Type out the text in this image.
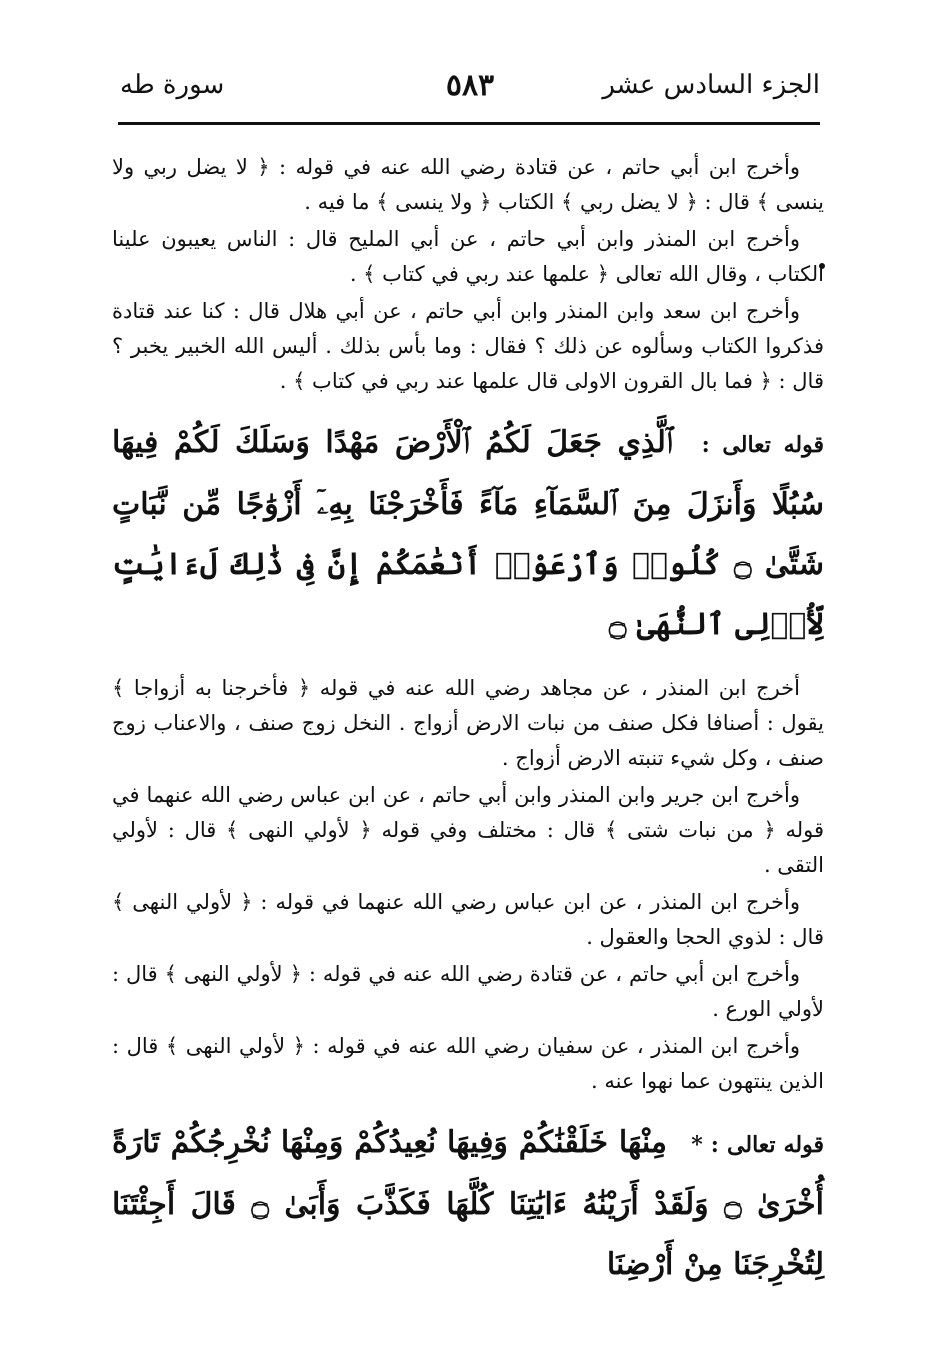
الجزء السادس عشر
٥٨٣
سورة طه

وأخرج ابن أبي حاتم ، عن قتادة رضي الله عنه في قوله : ﴿ لا يضل ربي ولا ينسى ﴾ قال : ﴿ لا يضل ربي ﴾ الكتاب ﴿ ولا ينسى ﴾ ما فيه .

وأخرج ابن المنذر وابن أبي حاتم ، عن أبي المليح قال : الناس يعيبون علينا الكتاب ، وقال الله تعالى ﴿ علمها عند ربي في كتاب ﴾ .

وأخرج ابن سعد وابن المنذر وابن أبي حاتم ، عن أبي هلال قال : كنا عند قتادة فذكروا الكتاب وسألوه عن ذلك ؟ فقال : وما بأس بذلك . أليس الله الخبير يخبر ؟ قال : ﴿ فما بال القرون الاولى قال علمها عند ربي في كتاب ﴾ .

قوله تعالى : ٱلَّذِي جَعَلَ لَكُمُ ٱلْأَرْضَ مَهْدًا وَسَلَكَ لَكُمْ فِيهَا سُبُلًا وَأَنزَلَ مِنَ ٱلسَّمَآءِ مَآءً فَأَخْرَجْنَا بِهِۦٓ أَزْوَٰجًا مِّن نَّبَاتٍ شَتَّىٰ ۝ كُلُوا۟ وَٱرْعَوْا۟ أَنْعَٰمَكُمْ إِنَّ فِى ذَٰلِكَ لَءَايَٰتٍ لِّأُو۟لِى ٱلنُّهَىٰ ۝

أخرج ابن المنذر ، عن مجاهد رضي الله عنه في قوله ﴿ فأخرجنا به أزواجا ﴾ يقول : أصنافا فكل صنف من نبات الارض أزواج . النخل زوج صنف ، والاعناب زوج صنف ، وكل شيء تنبته الارض أزواج .

وأخرج ابن جرير وابن المنذر وابن أبي حاتم ، عن ابن عباس رضي الله عنهما في قوله ﴿ من نبات شتى ﴾ قال : مختلف وفي قوله ﴿ لأولي النهى ﴾ قال : لأولي التقى .

وأخرج ابن المنذر ، عن ابن عباس رضي الله عنهما في قوله : ﴿ لأولي النهى ﴾ قال : لذوي الحجا والعقول .

وأخرج ابن أبي حاتم ، عن قتادة رضي الله عنه في قوله : ﴿ لأولي النهى ﴾ قال : لأولي الورع .

وأخرج ابن المنذر ، عن سفيان رضي الله عنه في قوله : ﴿ لأولي النهى ﴾ قال : الذين ينتهون عما نهوا عنه .

قوله تعالى : * مِنْهَا خَلَقْنَٰكُمْ وَفِيهَا نُعِيدُكُمْ وَمِنْهَا نُخْرِجُكُمْ تَارَةً أُخْرَىٰ ۝ وَلَقَدْ أَرَيْنَٰهُ ءَايَٰتِنَا كُلَّهَا فَكَذَّبَ وَأَبَىٰ ۝ قَالَ أَجِئْتَنَا لِتُخْرِجَنَا مِنْ أَرْضِنَا
